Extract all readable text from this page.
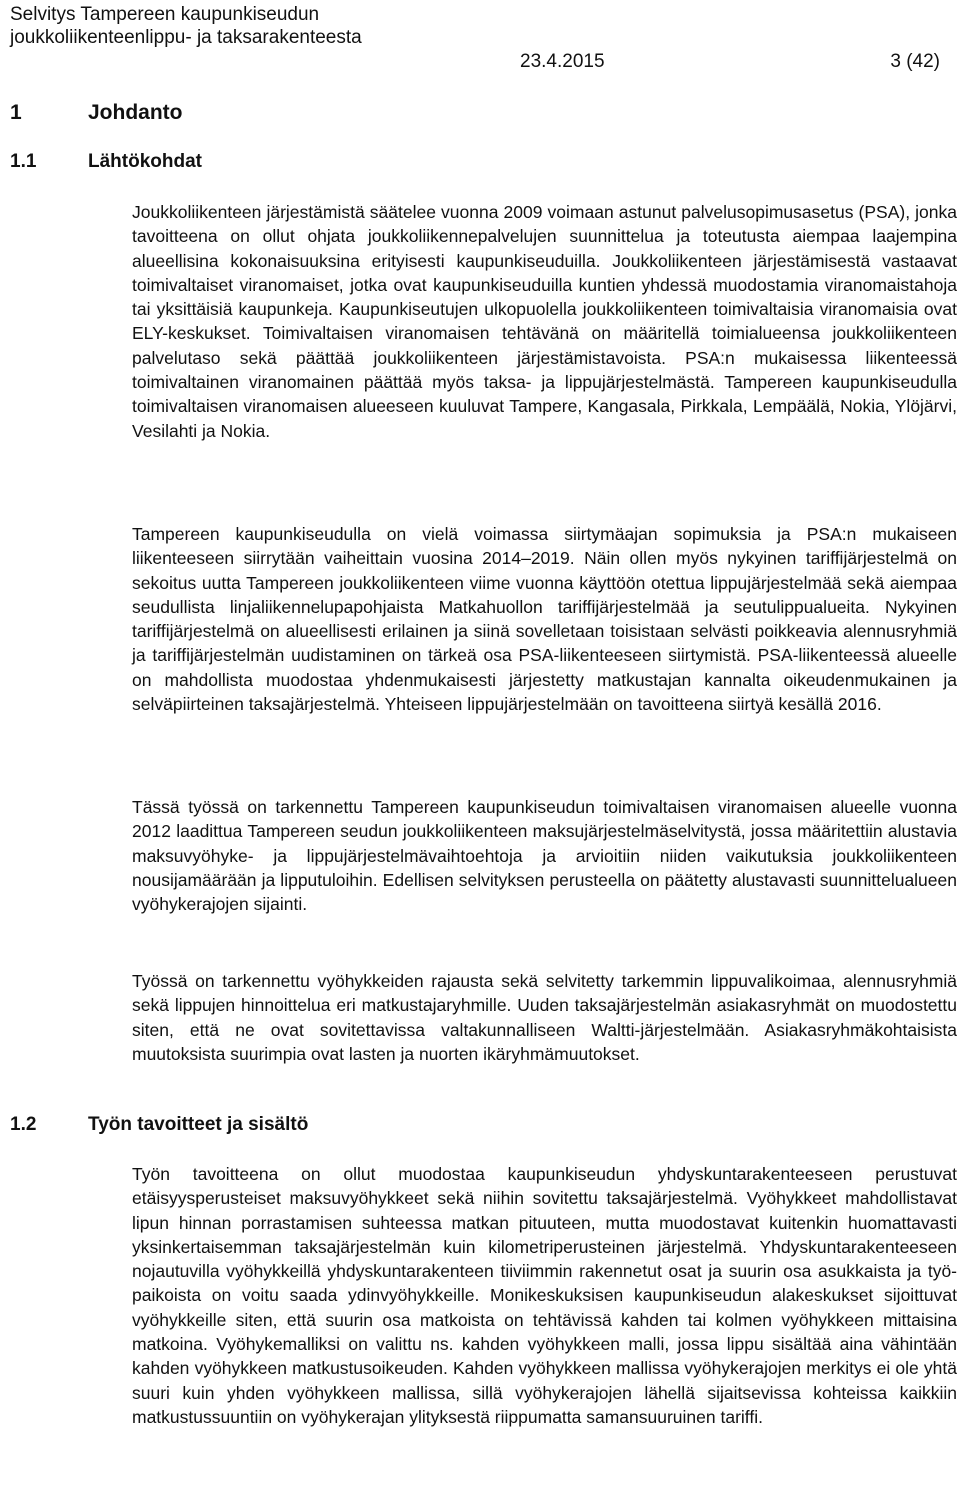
Selvitys Tampereen kaupunkiseudun
joukkoliikenteenlippu- ja taksarakenteesta
23.4.2015	3 (42)
1	Johdanto
1.1	Lähtökohdat

Joukkoliikenteen järjestämistä säätelee vuonna 2009 voimaan astunut palvelusopimusasetus (PSA), jonka tavoitteena on ollut ohjata joukkoliikennepalvelujen suunnittelua ja toteutusta aiempaa laajempina alueellisina kokonaisuuksina erityisesti kaupunkiseuduilla. Joukkoliikenteen järjestämisestä vastaavat toimivaltaiset viranomaiset, jotka ovat kaupunkiseuduilla kuntien yhdessä muodostamia viranomaistahoja tai yksittäisiä kaupunkeja. Kaupunkiseutujen ulkopuolella joukkoliikenteen toimivaltaisia viranomaisia ovat ELY-keskukset. Toimivaltaisen viranomaisen tehtävänä on määritellä toimialueensa joukkoliikenteen palvelutaso sekä päättää joukkoliikenteen järjestämistavoista. PSA:n mukaisessa liikenteessä toimivaltainen viranomainen päättää myös taksa- ja lippujärjestelmästä. Tampereen kaupunkiseudulla toimivaltaisen viranomaisen alueeseen kuuluvat Tampere, Kangasala, Pirkkala, Lempäälä, Nokia, Ylöjärvi, Vesilahti ja Nokia.

Tampereen kaupunkiseudulla on vielä voimassa siirtymäajan sopimuksia ja PSA:n mukaiseen liikenteeseen siirrytään vaiheittain vuosina 2014–2019. Näin ollen myös nykyinen tariffijärjestelmä on sekoitus uutta Tampereen joukkoliikenteen viime vuonna käyttöön otettua lippujärjestelmää sekä aiempaa seudullista linjaliikennelupapohjaista Matkahuollon tariffijärjestelmää ja seutulippualueita. Nykyinen tariffijärjestelmä on alueellisesti erilainen ja siinä sovelletaan toisistaan selvästi poikkeavia alennusryhmiä ja tariffijärjestelmän uudistaminen on tärkeä osa PSA-liikenteeseen siirtymistä. PSA-liikenteessä alueelle on mahdollista muodostaa yhdenmukaisesti järjestetty matkustajan kannalta oikeudenmukainen ja selväpiirteinen taksajärjestelmä. Yhteiseen lippujärjestelmään on tavoitteena siirtyä kesällä 2016.

Tässä työssä on tarkennettu Tampereen kaupunkiseudun toimivaltaisen viranomaisen alueelle vuonna 2012 laadittua Tampereen seudun joukkoliikenteen maksujärjestelmäselvitystä, jossa määritettiin alustavia maksuvyöhyke- ja lippujärjestelmävaihtoehtoja ja arvioitiin niiden vaikutuksia joukkoliikenteen nousijamäärään ja lipputuloihin. Edellisen selvityksen perusteella on päätetty alustavasti suunnittelualueen vyöhykerajojen sijainti.

Työssä on tarkennettu vyöhykkeiden rajausta sekä selvitetty tarkemmin lippuvalikoimaa, alennusryhmiä sekä lippujen hinnoittelua eri matkustajaryhmille. Uuden taksajärjestelmän asiakasryhmät on muodostettu siten, että ne ovat sovitettavissa valtakunnalliseen Waltti-järjestelmään. Asiakasryhmäkohtaisista muutoksista suurimpia ovat lasten ja nuorten ikäryhmämuutokset.

1.2	Työn tavoitteet ja sisältö

Työn tavoitteena on ollut muodostaa kaupunkiseudun yhdyskuntarakenteeseen perustuvat etäisyysperusteiset maksuvyöhykkeet sekä niihin sovitettu taksajärjestelmä. Vyöhykkeet mahdollistavat lipun hinnan porrastamisen suhteessa matkan pituuteen, mutta muodostavat kuitenkin huomattavasti yksinkertaisemman taksajärjestelmän kuin kilometriperusteinen järjestelmä. Yhdyskuntarakenteeseen nojautuvilla vyöhykkeillä yhdyskuntarakenteen tiiviimmin rakennetut osat ja suurin osa asukkaista ja työpaikoista on voitu saada ydinvyöhykkeille. Monikeskuksisen kaupunkiseudun alakeskukset sijoittuvat vyöhykkeille siten, että suurin osa matkoista on tehtävissä kahden tai kolmen vyöhykkeen mittaisina matkoina. Vyöhykemalliksi on valittu ns. kahden vyöhykkeen malli, jossa lippu sisältää aina vähintään kahden vyöhykkeen matkustusoikeuden. Kahden vyöhykkeen mallissa vyöhykerajojen merkitys ei ole yhtä suuri kuin yhden vyöhykkeen mallissa, sillä vyöhykerajojen lähellä sijaitsevissa kohteissa kaikkiin matkustussuuntiin on vyöhykerajan ylityksestä riippumatta samansuuruinen tariffi.
